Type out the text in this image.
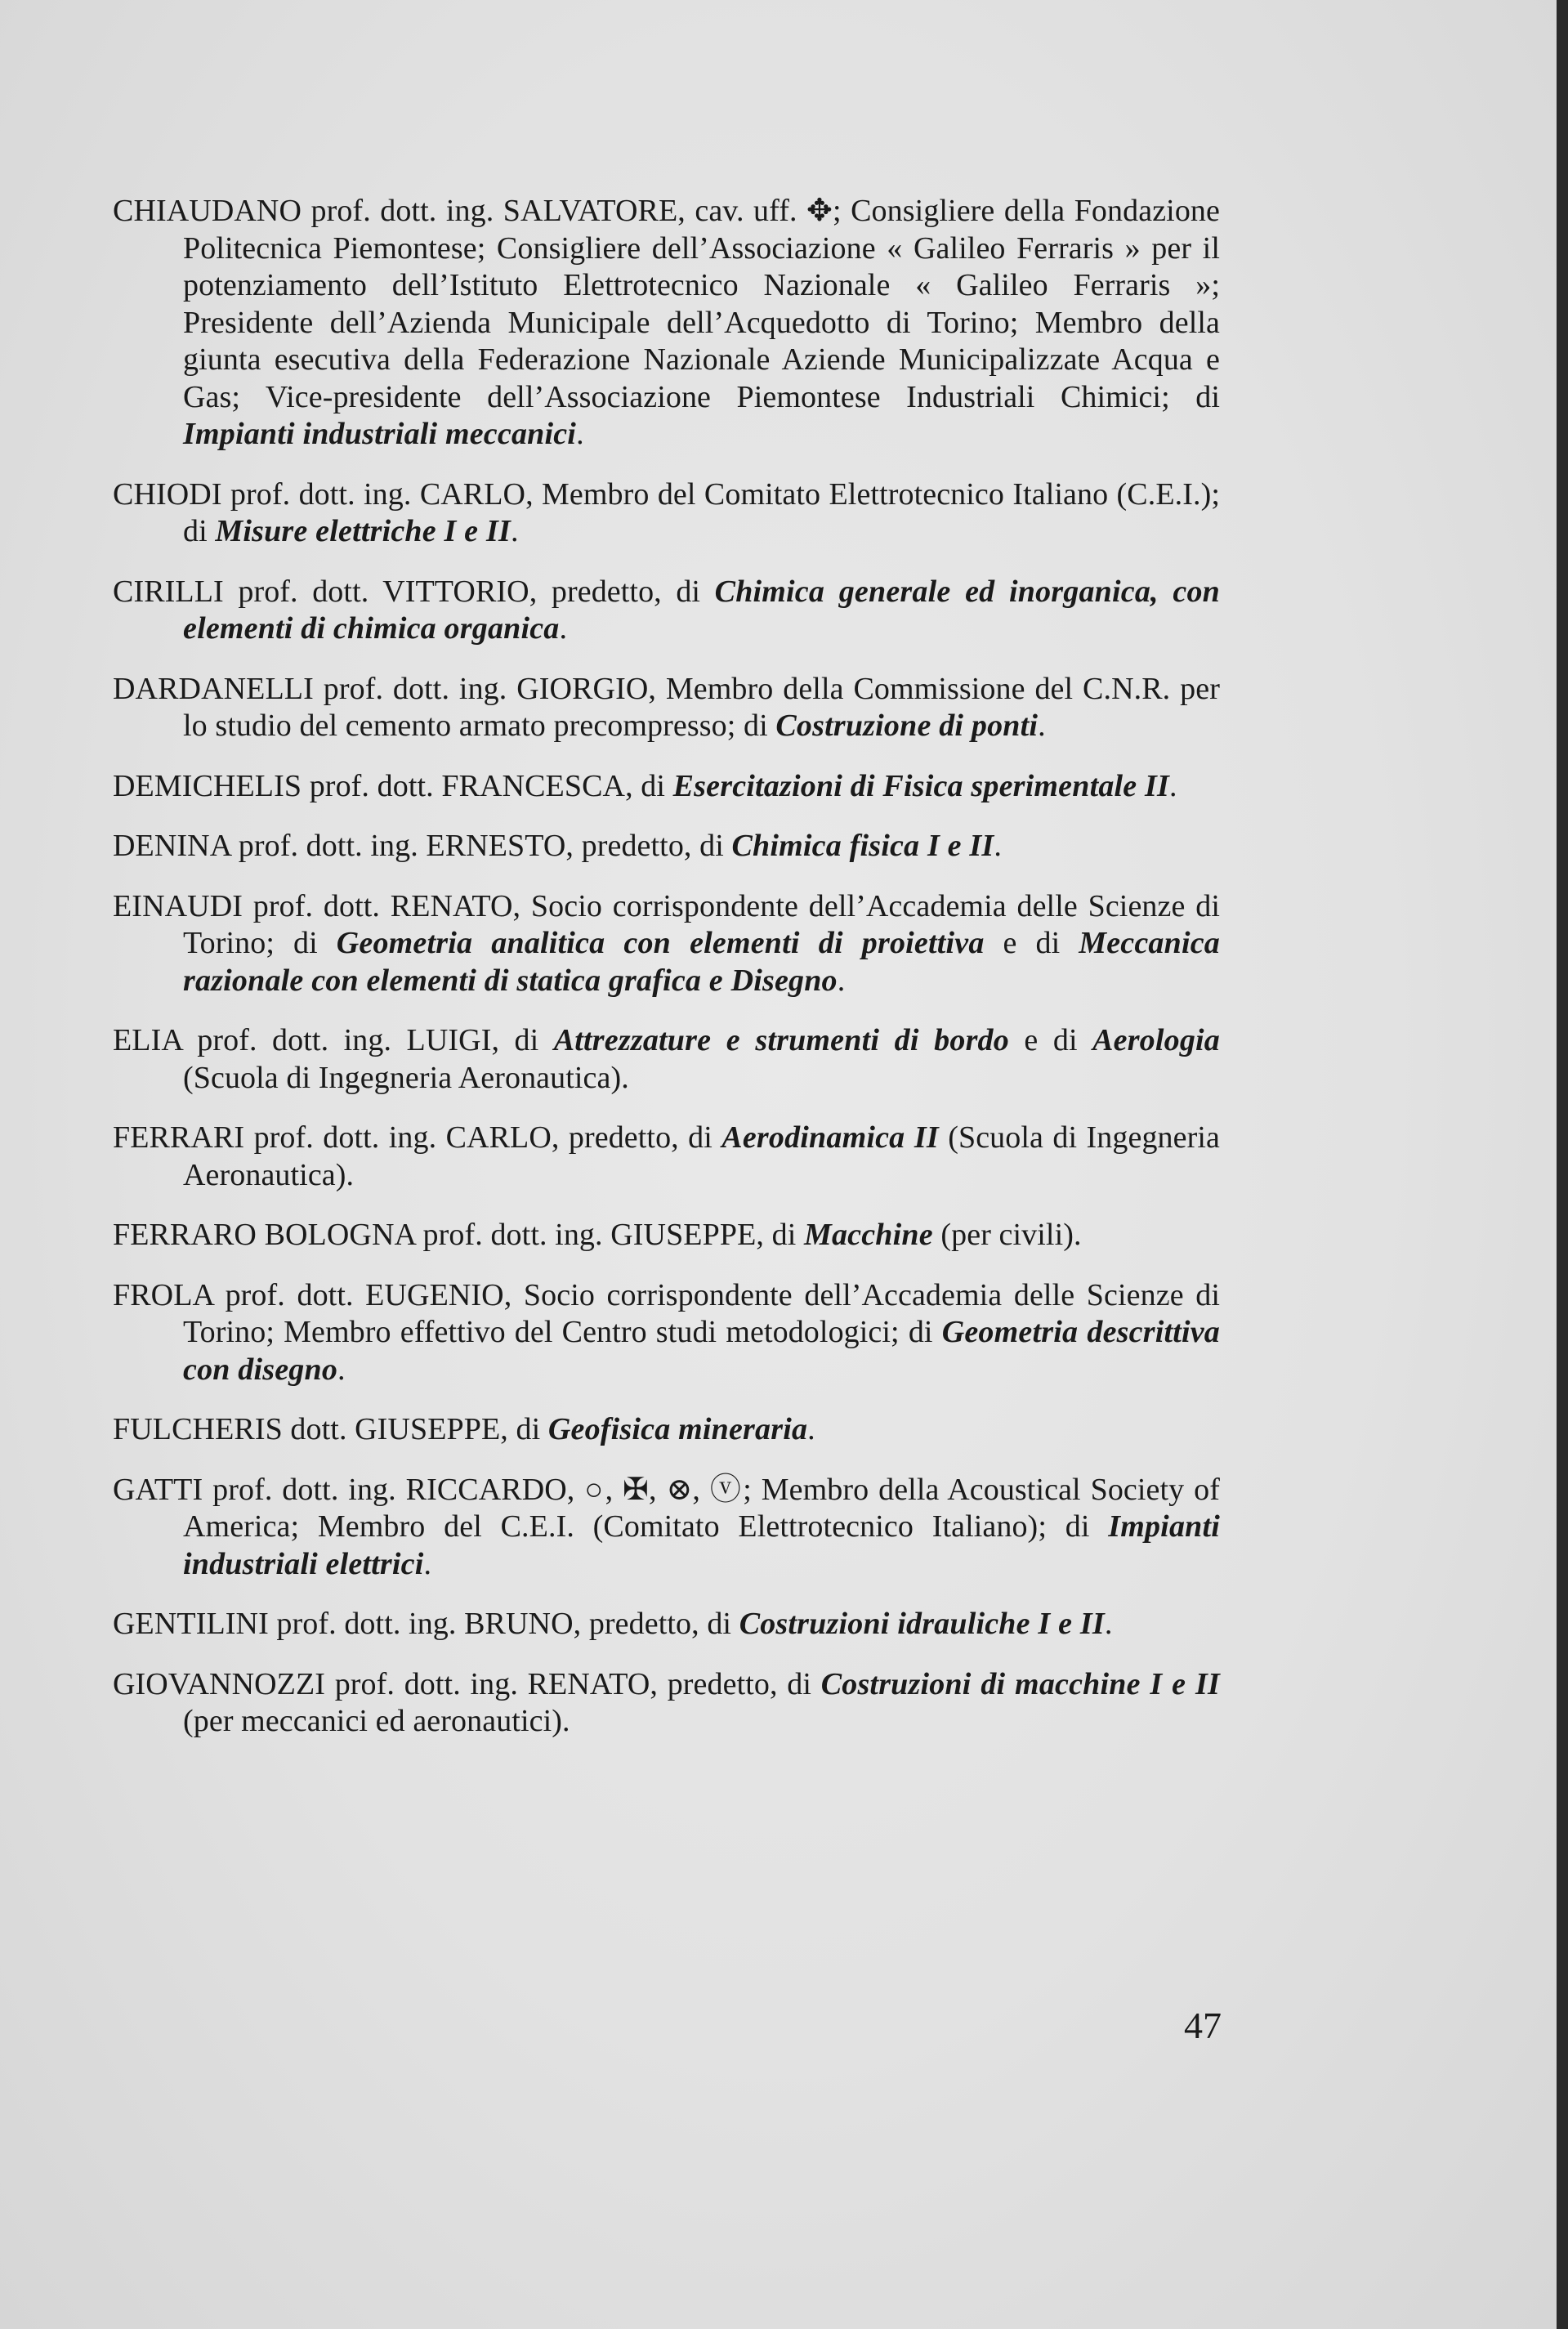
CHIAUDANO prof. dott. ing. SALVATORE, cav. uff. ✥; Consigliere della Fondazione Politecnica Piemontese; Consigliere dell’Associazione « Galileo Ferraris » per il potenziamento dell’Istituto Elettrotecnico Nazionale « Galileo Ferraris »; Presidente dell’Azienda Municipale dell’Acquedotto di Torino; Membro della giunta esecutiva della Federazione Nazionale Aziende Municipalizzate Acqua e Gas; Vice-presidente dell’Associazione Piemontese Industriali Chimici; di Impianti industriali meccanici.

CHIODI prof. dott. ing. CARLO, Membro del Comitato Elettrotecnico Italiano (C.E.I.); di Misure elettriche I e II.

CIRILLI prof. dott. VITTORIO, predetto, di Chimica generale ed inorganica, con elementi di chimica organica.

DARDANELLI prof. dott. ing. GIORGIO, Membro della Commissione del C.N.R. per lo studio del cemento armato precompresso; di Costruzione di ponti.

DEMICHELIS prof. dott. FRANCESCA, di Esercitazioni di Fisica sperimentale II.

DENINA prof. dott. ing. ERNESTO, predetto, di Chimica fisica I e II.

EINAUDI prof. dott. RENATO, Socio corrispondente dell’Accademia delle Scienze di Torino; di Geometria analitica con elementi di proiettiva e di Meccanica razionale con elementi di statica grafica e Disegno.

ELIA prof. dott. ing. LUIGI, di Attrezzature e strumenti di bordo e di Aerologia (Scuola di Ingegneria Aeronautica).

FERRARI prof. dott. ing. CARLO, predetto, di Aerodinamica II (Scuola di Ingegneria Aeronautica).

FERRARO BOLOGNA prof. dott. ing. GIUSEPPE, di Macchine (per civili).

FROLA prof. dott. EUGENIO, Socio corrispondente dell’Accademia delle Scienze di Torino; Membro effettivo del Centro studi metodologici; di Geometria descrittiva con disegno.

FULCHERIS dott. GIUSEPPE, di Geofisica mineraria.

GATTI prof. dott. ing. RICCARDO, ○, ✠, ⊗, ⓥ; Membro della Acoustical Society of America; Membro del C.E.I. (Comitato Elettrotecnico Italiano); di Impianti industriali elettrici.

GENTILINI prof. dott. ing. BRUNO, predetto, di Costruzioni idrauliche I e II.

GIOVANNOZZI prof. dott. ing. RENATO, predetto, di Costruzioni di macchine I e II (per meccanici ed aeronautici).

47
